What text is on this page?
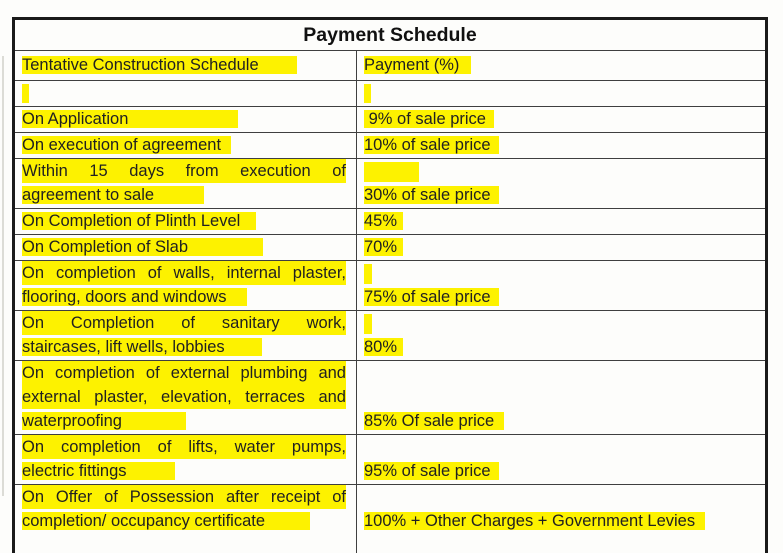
Payment Schedule	
Tentative Construction Schedule	Payment (%)

On Application	9% of sale price

On execution of agreement	10% of sale price

Within 15 days from execution of
agreement to sale	30% of sale price

On Completion of Plinth Level	45%

On Completion of Slab	70%

On completion of walls, internal plaster,
flooring, doors and windows	75% of sale price

On Completion of sanitary work,
staircases, lift wells, lobbies	80%

On completion of external plumbing and
external plaster, elevation, terraces and
waterproofing	85% Of sale price

On completion of lifts, water pumps,
electric fittings	95% of sale price

On Offer of Possession after receipt of
completion/ occupancy certificate	100% + Other Charges + Government Levies
